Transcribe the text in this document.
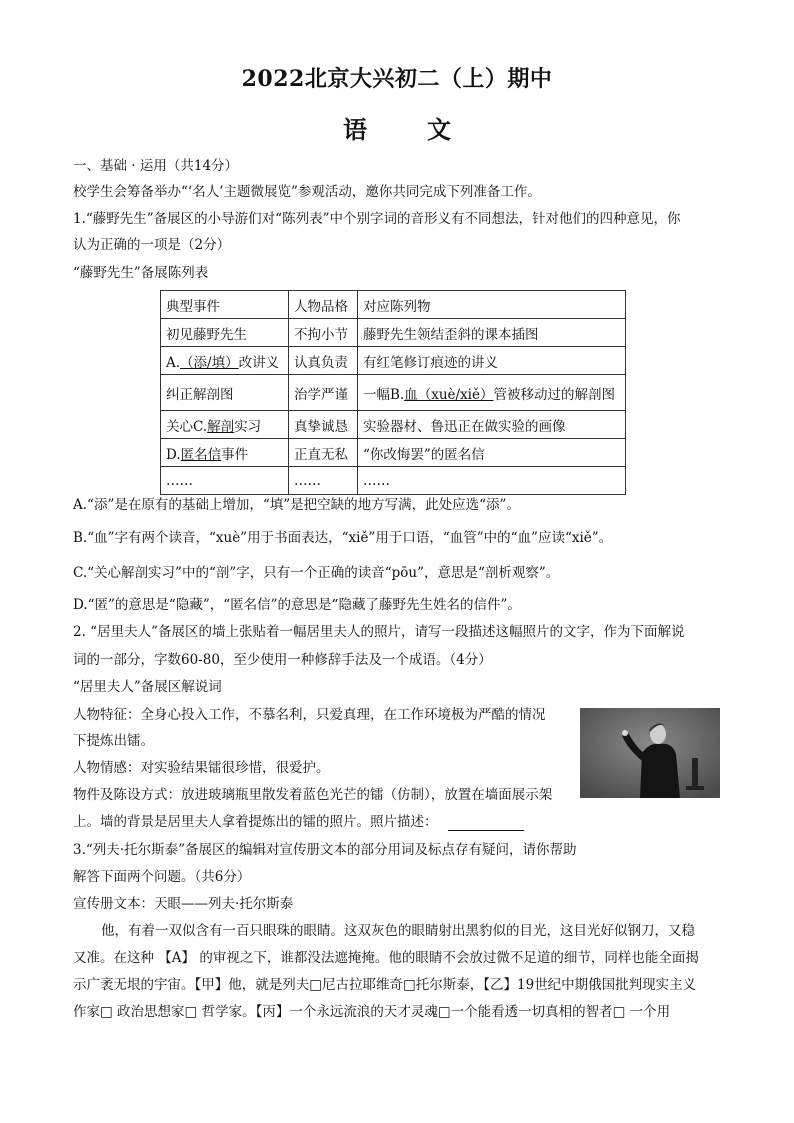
2022北京大兴初二（上）期中
语	文
一、基础 · 运用（共14分）
校学生会筹备举办“‘名人’主题微展览”参观活动，邀你共同完成下列准备工作。
1.“藤野先生”备展区的小导游们对“陈列表”中个别字词的音形义有不同想法，针对他们的四种意见，你
认为正确的一项是（2分）
“藤野先生”备展陈列表
典型事件	人物品格	对应陈列物
初见藤野先生	不拘小节	藤野先生领结歪斜的课本插图
A.（添/填）改讲义	认真负责	有红笔修订痕迹的讲义
纠正解剖图	治学严谨	一幅B.血（xuè/xiě）管被移动过的解剖图
关心C.解剖实习	真挚诚恳	实验器材、鲁迅正在做实验的画像
D.匿名信事件	正直无私	“你改悔罢”的匿名信
……	……	……
A.“添”是在原有的基础上增加，“填”是把空缺的地方写满，此处应选“添”。
B.“血”字有两个读音，“xuè”用于书面表达，“xiě”用于口语，“血管”中的“血”应读“xiě”。
C.“关心解剖实习”中的“剖”字，只有一个正确的读音“pōu”，意思是“剖析观察”。
D.“匿”的意思是“隐藏”，“匿名信”的意思是“隐藏了藤野先生姓名的信件”。
2. “居里夫人”备展区的墙上张贴着一幅居里夫人的照片，请写一段描述这幅照片的文字，作为下面解说
词的一部分，字数60-80，至少使用一种修辞手法及一个成语。（4分）
“居里夫人”备展区解说词
人物特征：全身心投入工作，不慕名利，只爱真理，在工作环境极为严酷的情况
下提炼出镭。
人物情感：对实验结果镭很珍惜，很爱护。
物件及陈设方式：放进玻璃瓶里散发着蓝色光芒的镭（仿制），放置在墙面展示架
上。墙的背景是居里夫人拿着提炼出的镭的照片。照片描述：
3.“列夫·托尔斯泰”备展区的编辑对宣传册文本的部分用词及标点存有疑问，请你帮助
解答下面两个问题。（共6分）
宣传册文本：天眼——列夫·托尔斯泰
他，有着一双似含有一百只眼珠的眼睛。这双灰色的眼睛射出黑豹似的目光，这目光好似钢刀，又稳
又准。在这种 【A】 的审视之下，谁都没法遮掩掩。他的眼睛不会放过微不足道的细节，同样也能全面揭
示广袤无垠的宇宙。【甲】他，就是列夫□尼古拉耶维奇□托尔斯泰，【乙】19世纪中期俄国批判现实主义
作家□ 政治思想家□ 哲学家。【丙】一个永远流浪的天才灵魂□一个能看透一切真相的智者□ 一个用
